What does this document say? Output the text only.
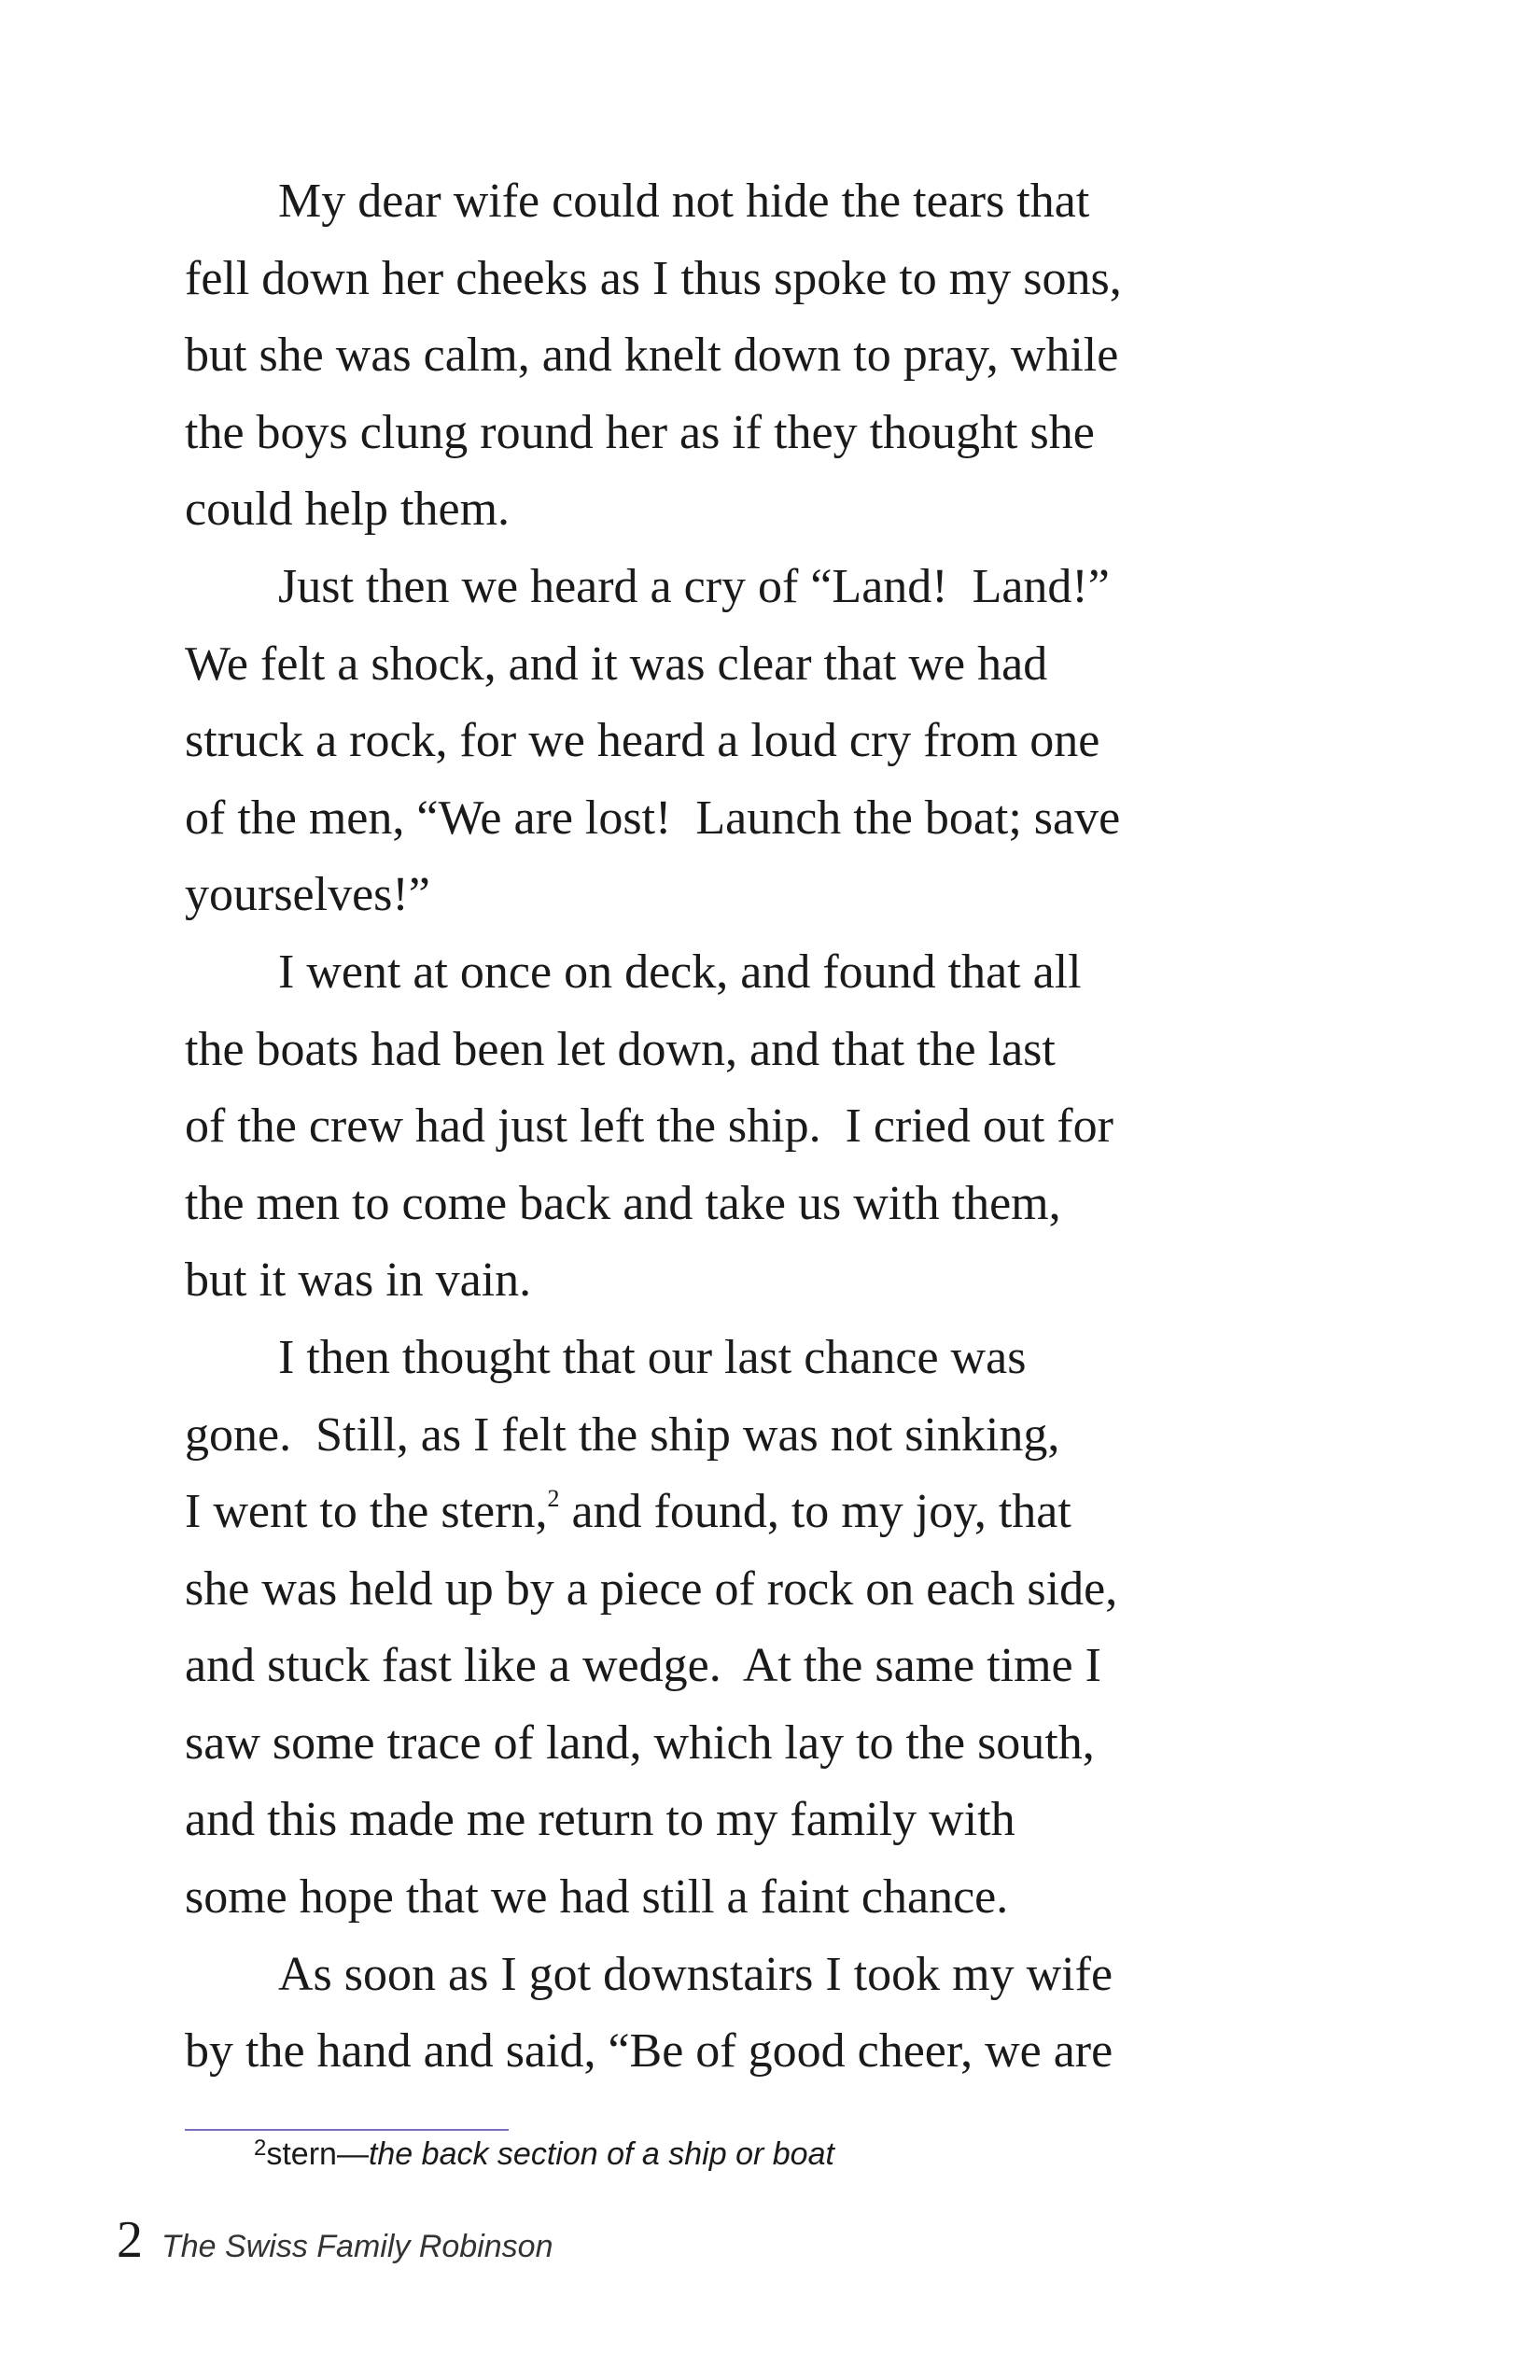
My dear wife could not hide the tears that
fell down her cheeks as I thus spoke to my sons,
but she was calm, and knelt down to pray, while
the boys clung round her as if they thought she
could help them.
Just then we heard a cry of “Land!  Land!”
We felt a shock, and it was clear that we had
struck a rock, for we heard a loud cry from one
of the men, “We are lost!  Launch the boat; save
yourselves!”
I went at once on deck, and found that all
the boats had been let down, and that the last
of the crew had just left the ship.  I cried out for
the men to come back and take us with them,
but it was in vain.
I then thought that our last chance was
gone.  Still, as I felt the ship was not sinking,
I went to the stern,$^2$ and found, to my joy, that
she was held up by a piece of rock on each side,
and stuck fast like a wedge.  At the same time I
saw some trace of land, which lay to the south,
and this made me return to my family with
some hope that we had still a faint chance.
As soon as I got downstairs I took my wife
by the hand and said, “Be of good cheer, we are
$^2$stern—the back section of a ship or boat
2 The Swiss Family Robinson
